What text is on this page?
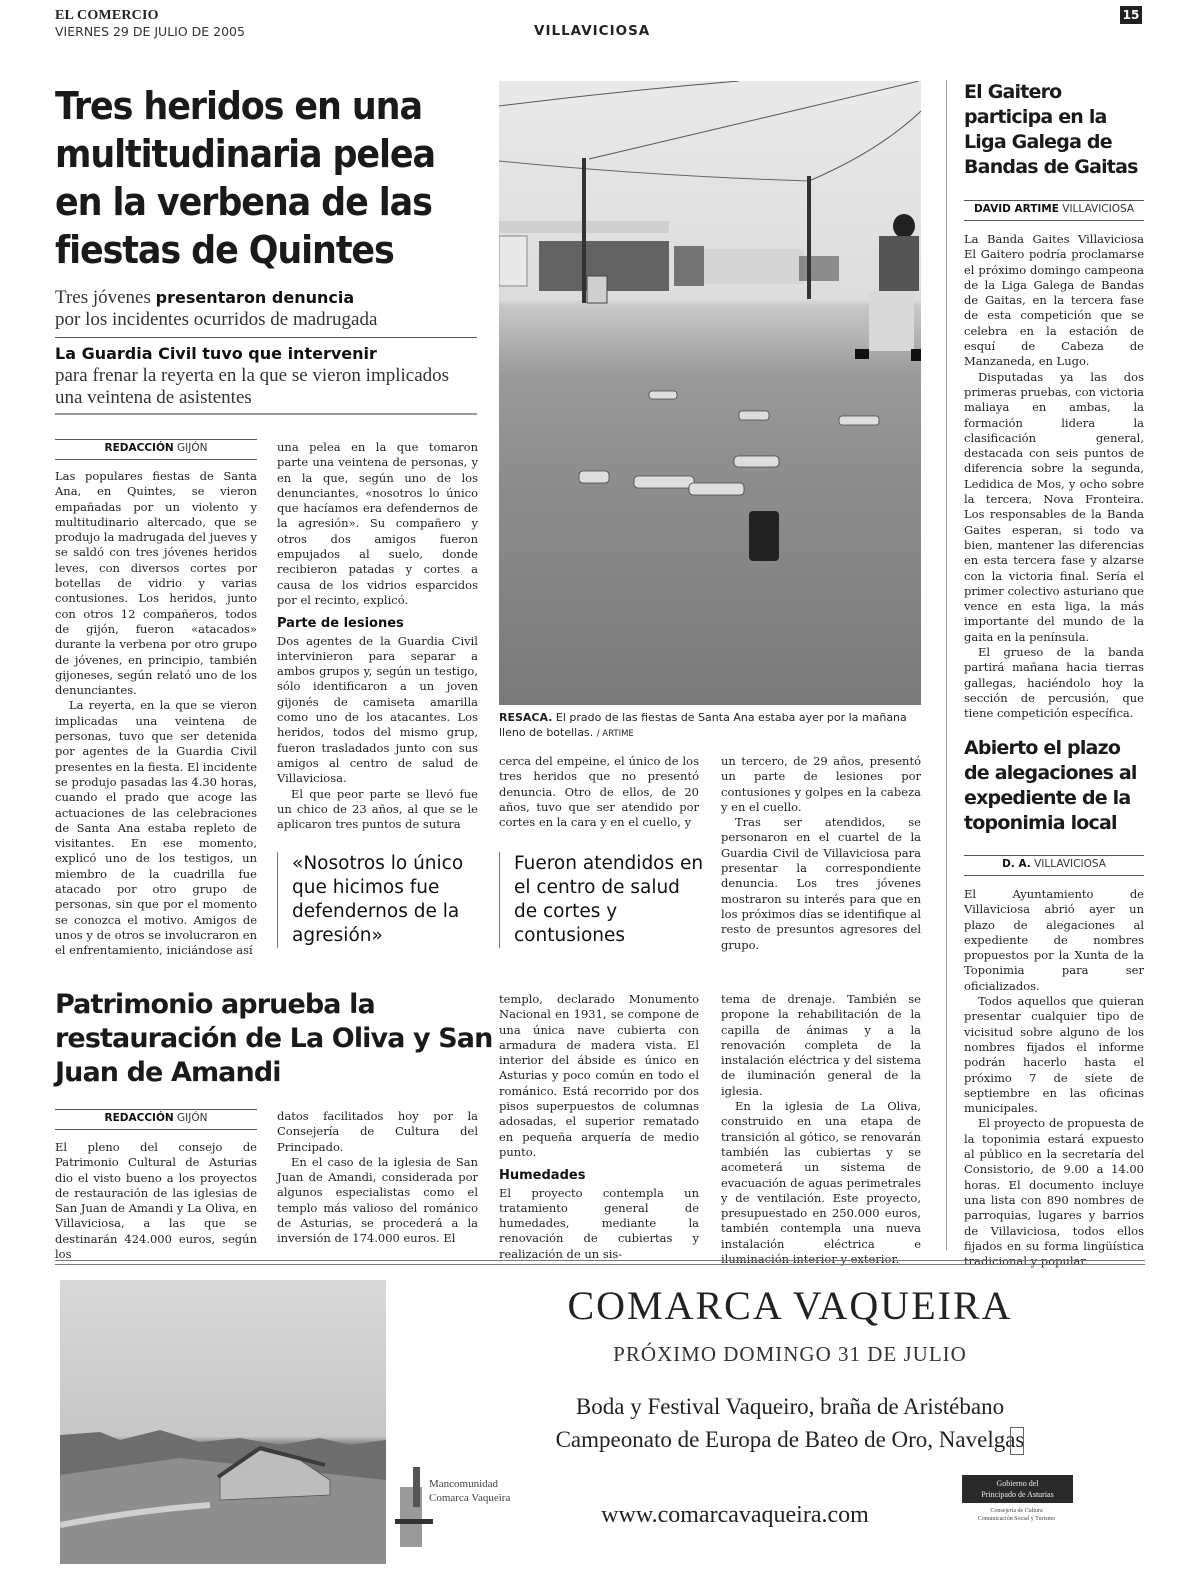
EL COMERCIO
VIERNES 29 DE JULIO DE 2005	VILLAVICIOSA
15
Tres heridos en una multitudinaria pelea en la verbena de las fiestas de Quintes
Tres jóvenes presentaron denuncia
por los incidentes ocurridos de madrugada
La Guardia Civil tuvo que intervenir
para frenar la reyerta en la que se vieron implicados una veintena de asistentes
REDACCIÓN GIJÓN

Las populares fiestas de Santa Ana, en Quintes, se vieron empañadas por un violento y multitudinario altercado, que se produjo la madrugada del jueves y se saldó con tres jóvenes heridos leves, con diversos cortes por botellas de vidrio y varias contusiones. Los heridos, junto con otros 12 compañeros, todos de gijón, fueron «atacados» durante la verbena por otro grupo de jóvenes, en principio, también gijoneses, según relató uno de los denunciantes.

La reyerta, en la que se vieron implicadas una veintena de personas, tuvo que ser detenida por agentes de la Guardia Civil presentes en la fiesta. El incidente se produjo pasadas las 4.30 horas, cuando el prado que acoge las actuaciones de las celebraciones de Santa Ana estaba repleto de visitantes. En ese momento, explicó uno de los testigos, un miembro de la cuadrilla fue atacado por otro grupo de personas, sin que por el momento se conozca el motivo. Amigos de unos y de otros se involucraron en el enfrentamiento, iniciándose así

una pelea en la que tomaron parte una veintena de personas, y en la que, según uno de los denunciantes, «nosotros lo único que hacíamos era defendernos de la agresión». Su compañero y otros dos amigos fueron empujados al suelo, donde recibieron patadas y cortes a causa de los vidrios esparcidos por el recinto, explicó.

Parte de lesiones

Dos agentes de la Guardia Civil intervinieron para separar a ambos grupos y, según un testigo, sólo identificaron a un joven gijonés de camiseta amarilla como uno de los atacantes. Los heridos, todos del mismo grup, fueron trasladados junto con sus amigos al centro de salud de Villaviciosa.

El que peor parte se llevó fue un chico de 23 años, al que se le aplicaron tres puntos de sutura

«Nosotros lo único que hicimos fue defendernos de la agresión»
RESACA. El prado de las fiestas de Santa Ana estaba ayer por la mañana lleno de botellas. / ARTIME

cerca del empeine, el único de los tres heridos que no presentó denuncia. Otro de ellos, de 20 años, tuvo que ser atendido por cortes en la cara y en el cuello, y

Fueron atendidos en el centro de salud de cortes y contusiones

un tercero, de 29 años, presentó un parte de lesiones por contusiones y golpes en la cabeza y en el cuello.

Tras ser atendidos, se personaron en el cuartel de la Guardia Civil de Villaviciosa para presentar la correspondiente denuncia. Los tres jóvenes mostraron su interés para que en los próximos días se identifique al resto de presuntos agresores del grupo.

Patrimonio aprueba la restauración de La Oliva y San Juan de Amandi
REDACCIÓN GIJÓN

El pleno del consejo de Patrimonio Cultural de Asturias dio el visto bueno a los proyectos de restauración de las iglesias de San Juan de Amandi y La Oliva, en Villaviciosa, a las que se destinarán 424.000 euros, según los

datos facilitados hoy por la Consejería de Cultura del Principado.

En el caso de la iglesia de San Juan de Amandi, considerada por algunos especialistas como el templo más valioso del románico de Asturias, se procederá a la inversión de 174.000 euros. El

templo, declarado Monumento Nacional en 1931, se compone de una única nave cubierta con armadura de madera vista. El interior del ábside es único en Asturias y poco común en todo el románico. Está recorrido por dos pisos superpuestos de columnas adosadas, el superior rematado en pequeña arquería de medio punto.

Humedades

El proyecto contempla un tratamiento general de humedades, mediante la renovación de cubiertas y realización de un sis-

tema de drenaje. También se propone la rehabilitación de la capilla de ánimas y a la renovación completa de la instalación eléctrica y del sistema de iluminación general de la iglesia.

En la iglesia de La Oliva, construido en una etapa de transición al gótico, se renovarán también las cubiertas y se acometerá un sistema de evacuación de aguas perimetrales y de ventilación. Este proyecto, presupuestado en 250.000 euros, también contempla una nueva instalación eléctrica e iluminación interior y exterior.

El Gaitero participa en la Liga Galega de Bandas de Gaitas
DAVID ARTIME VILLAVICIOSA

La Banda Gaites Villaviciosa El Gaitero podría proclamarse el próximo domingo campeona de la Liga Galega de Bandas de Gaitas, en la tercera fase de esta competición que se celebra en la estación de esquí de Cabeza de Manzaneda, en Lugo.

Disputadas ya las dos primeras pruebas, con victoria maliaya en ambas, la formación lidera la clasificación general, destacada con seis puntos de diferencia sobre la segunda, Ledidica de Mos, y ocho sobre la tercera, Nova Fronteira. Los responsables de la Banda Gaites esperan, si todo va bien, mantener las diferencias en esta tercera fase y alzarse con la victoria final. Sería el primer colectivo asturiano que vence en esta liga, la más importante del mundo de la gaita en la península.

El grueso de la banda partirá mañana hacia tierras gallegas, haciéndolo hoy la sección de percusión, que tiene competición específica.

Abierto el plazo de alegaciones al expediente de la toponimia local
D. A. VILLAVICIOSA

El Ayuntamiento de Villaviciosa abrió ayer un plazo de alegaciones al expediente de nombres propuestos por la Xunta de la Toponimia para ser oficializados.

Todos aquellos que quieran presentar cualquier tipo de vicisitud sobre alguno de los nombres fijados el informe podrán hacerlo hasta el próximo 7 de siete de septiembre en las oficinas municipales.

El proyecto de propuesta de la toponimia estará expuesto al público en la secretaría del Consistorio, de 9.00 a 14.00 horas. El documento incluye una lista con 890 nombres de parroquias, lugares y barrios de Villaviciosa, todos ellos fijados en su forma lingüística tradicional y popular.

COMARCA VAQUEIRA
PRÓXIMO DOMINGO 31 DE JULIO
Boda y Festival Vaqueiro, braña de Aristébano
Campeonato de Europa de Bateo de Oro, Navelgas
www.comarcavaqueira.com
Mancomunidad
Comarca Vaqueira
Gobierno del
Principado de Asturias
Consejería de Cultura
Comunicación Social y Turismo
